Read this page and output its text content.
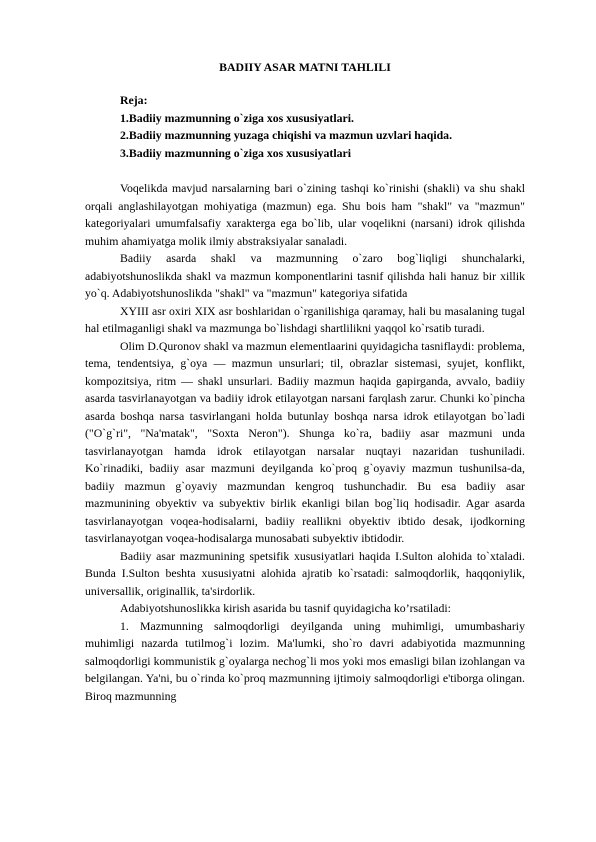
BADIIY ASAR MATNI TAHLILI
Reja:
1.Badiiy mazmunning o`ziga xos xususiyatlari.
2.Badiiy mazmunning yuzaga chiqishi va mazmun uzvlari haqida.
3.Badiiy mazmunning o`ziga xos xususiyatlari

Voqelikda mavjud narsalarning bari o`zining tashqi ko`rinishi (shakli) va shu shakl orqali anglashilayotgan mohiyatiga (mazmun) ega. Shu bois ham "shakl" va "mazmun" kategoriyalari umumfalsafiy xarakterga ega bo`lib, ular voqelikni (narsani) idrok qilishda muhim ahamiyatga molik ilmiy abstraksiyalar sanaladi.

Badiiy asarda shakl va mazmunning o`zaro bog`liqligi shunchalarki, adabiyotshunoslikda shakl va mazmun komponentlarini tasnif qilishda hali hanuz bir xillik yo`q. Adabiyotshunoslikda "shakl" va "mazmun" kategoriya sifatida

XYIII asr oxiri XIX asr boshlaridan o`rganilishiga qaramay, hali bu masalaning tugal hal etilmaganligi shakl va mazmunga bo`lishdagi shartlilikni yaqqol ko`rsatib turadi.

Olim D.Quronov shakl va mazmun elementlaarini quyidagicha tasniflaydi: problema, tema, tendentsiya, g`oya — mazmun unsurlari; til, obrazlar sistemasi, syujet, konflikt, kompozitsiya, ritm — shakl unsurlari. Badiiy mazmun haqida gapirganda, avvalo, badiiy asarda tasvirlanayotgan va badiiy idrok etilayotgan narsani farqlash zarur. Chunki ko`pincha asarda boshqa narsa tasvirlangani holda butunlay boshqa narsa idrok etilayotgan bo`ladi ("O`g`ri", "Na'matak", "Soxta Neron"). Shunga ko`ra, badiiy asar mazmuni unda tasvirlanayotgan hamda idrok etilayotgan narsalar nuqtayi nazaridan tushuniladi. Ko`rinadiki, badiiy asar mazmuni deyilganda ko`proq g`oyaviy mazmun tushunilsa-da, badiiy mazmun g`oyaviy mazmundan kengroq tushunchadir. Bu esa badiiy asar mazmunining obyektiv va subyektiv birlik ekanligi bilan bog`liq hodisadir. Agar asarda tasvirlanayotgan voqea-hodisalarni, badiiy reallikni obyektiv ibtido desak, ijodkorning tasvirlanayotgan voqea-hodisalarga munosabati subyektiv ibtidodir.

Badiiy asar mazmunining spetsifik xususiyatlari haqida I.Sulton alohida to`xtaladi. Bunda I.Sulton beshta xususiyatni alohida ajratib ko`rsatadi: salmoqdorlik, haqqoniylik, universallik, originallik, ta'sirdorlik.

Adabiyotshunoslikka kirish asarida bu tasnif quyidagicha ko’rsatiladi:

1. Mazmunning salmoqdorligi deyilganda uning muhimligi, umumbashariy muhimligi nazarda tutilmog`i lozim. Ma'lumki, sho`ro davri adabiyotida mazmunning salmoqdorligi kommunistik g`oyalarga nechog`li mos yoki mos emasligi bilan izohlangan va belgilangan. Ya'ni, bu o`rinda ko`proq mazmunning ijtimoiy salmoqdorligi e'tiborga olingan. Biroq mazmunning
